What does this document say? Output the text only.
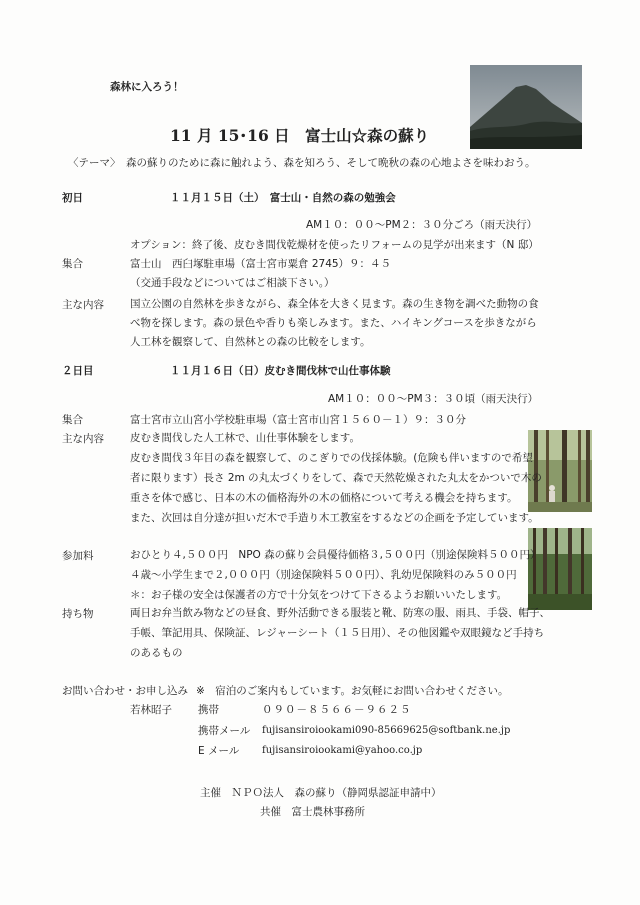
森林に入ろう！
11 月 15･16 日　富士山☆森の蘇り
〈テーマ〉 森の蘇りのために森に触れよう、森を知ろう、そして晩秋の森の心地よさを味わおう。
初日	１１月１５日（土）　富士山・自然の森の勉強会
AM１０：００～PM２：３０分ごろ（雨天決行）
オプション：終了後、皮むき間伐乾燥材を使ったリフォームの見学が出来ます（N 邸）
集合	富士山　西臼塚駐車場（富士宮市粟倉 2745）９：４５
（交通手段などについてはご相談下さい。）
主な内容 国立公園の自然林を歩きながら、森全体を大きく見ます。森の生き物を調べた動物の食
べ物を探します。森の景色や香りも楽しみます。また、ハイキングコースを歩きながら
人工林を観察して、自然林との森の比較をします。
２日目	１１月１６日（日）皮むき間伐林で山仕事体験
AM１０：００～PM３：３０頃（雨天決行）
集合	富士宮市立山宮小学校駐車場（富士宮市山宮１５６０－１）９：３０分
主な内容 皮むき間伐した人工林で、山仕事体験をします。
皮むき間伐３年目の森を観察して、のこぎりでの伐採体験。(危険も伴いますので希望
者に限ります）長さ 2m の丸太づくりをして、森で天然乾燥された丸太をかついで木の
重さを体で感じ、日本の木の価格海外の木の価格について考える機会を持ちます。
また、次回は自分達が担いだ木で手造り木工教室をするなどの企画を予定しています。
参加料	おひとり４,５００円　NPO 森の蘇り会員優待価格３,５００円（別途保険料５００円）
４歳～小学生まで２,０００円（別途保険料５００円）、乳幼児保険料のみ５００円
＊：お子様の安全は保護者の方で十分気をつけて下さるようお願いいたします。
持ち物	両日お弁当飲み物などの昼食、野外活動できる服装と靴、防寒の服、雨具、手袋、帽子、
手帳、筆記用具、保険証、レジャーシート（１５日用）、その他図鑑や双眼鏡など手持ち
のあるもの
お問い合わせ・お申し込み ※　宿泊のご案内もしています。お気軽にお問い合わせください。
若林昭子 携帯	０９０－８５６６－９６２５
携帯メール fujisansiroiookami090-85669625@softbank.ne.jp
E メール fujisansiroiookami@yahoo.co.jp
主催　ＮＰＯ法人　森の蘇り（静岡県認証申請中）
共催　富士農林事務所
